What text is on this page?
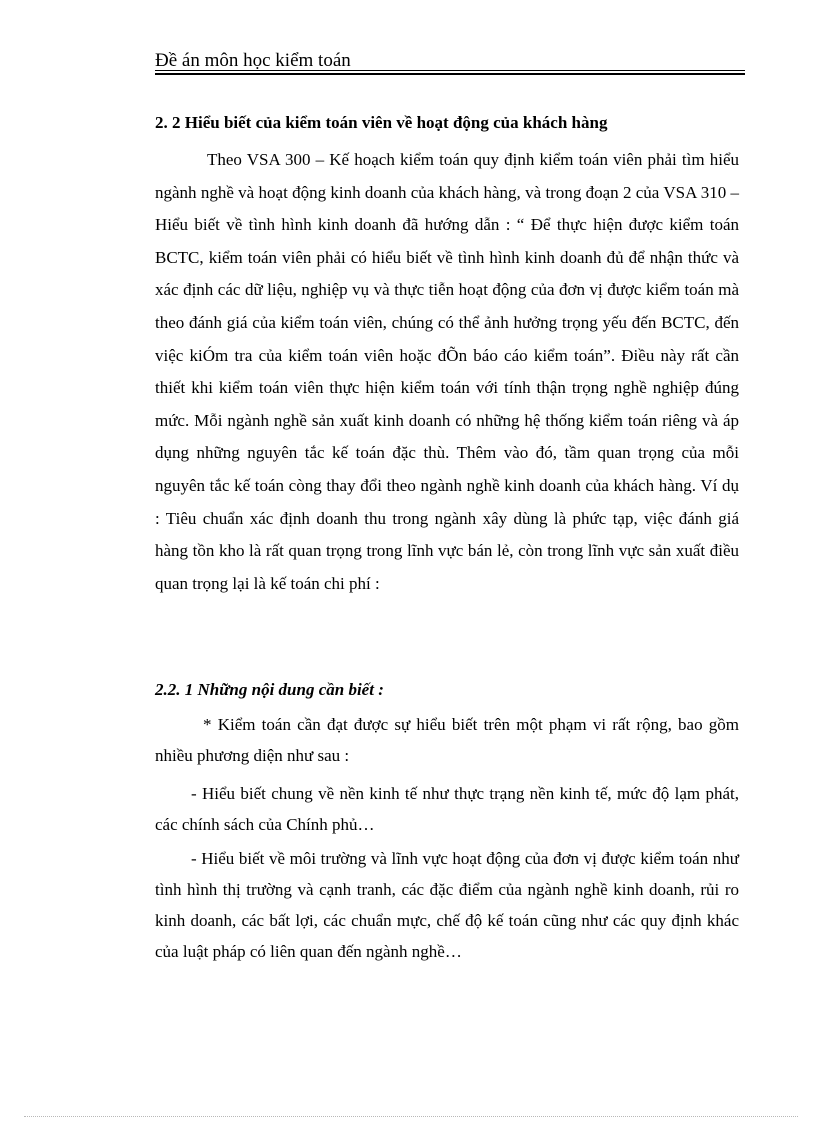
Đề án môn học kiểm toán
2. 2 Hiểu biết của kiểm toán viên về hoạt động của khách hàng

Theo VSA 300 – Kế hoạch kiểm toán quy định kiểm toán viên phải tìm hiểu ngành nghề và hoạt động kinh doanh của khách hàng, và trong đoạn 2 của VSA 310 – Hiểu biết về tình hình kinh doanh đã hướng dẫn : “ Để thực hiện được kiểm toán BCTC, kiểm toán viên phải có hiểu biết về tình hình kinh doanh đủ để nhận thức và xác định các dữ liệu, nghiệp vụ và thực tiễn hoạt động của đơn vị được kiểm toán mà theo đánh giá của kiểm toán viên, chúng có thể ảnh hưởng trọng yếu đến BCTC, đến việc kiÓm tra của kiểm toán viên hoặc đÕn báo cáo kiểm toán”. Điều này rất cần thiết khi kiểm toán viên thực hiện kiểm toán với tính thận trọng nghề nghiệp đúng mức. Mỗi ngành nghề sản xuất kinh doanh có những hệ thống kiểm toán riêng và áp dụng những nguyên tắc kế toán đặc thù. Thêm vào đó, tầm quan trọng của mỗi nguyên tắc kế toán còng thay đổi theo ngành nghề kinh doanh của khách hàng. Ví dụ : Tiêu chuẩn xác định doanh thu trong ngành xây dùng là phức tạp, việc đánh giá hàng tồn kho là rất quan trọng trong lĩnh vực bán lẻ, còn trong lĩnh vực sản xuất điều quan trọng lại là kế toán chi phí :

2.2. 1 Những nội dung cần biết :

* Kiểm toán cần đạt được sự hiểu biết trên một phạm vi rất rộng, bao gồm nhiều phương diện như sau :

- Hiểu biết chung về nền kinh tế như thực trạng nền kinh tế, mức độ lạm phát, các chính sách của Chính phủ…

- Hiểu biết về môi trường và lĩnh vực hoạt động của đơn vị được kiểm toán như tình hình thị trường và cạnh tranh, các đặc điểm của ngành nghề kinh doanh, rủi ro kinh doanh, các bất lợi, các chuẩn mực, chế độ kế toán cũng như các quy định khác của luật pháp có liên quan đến ngành nghề…
